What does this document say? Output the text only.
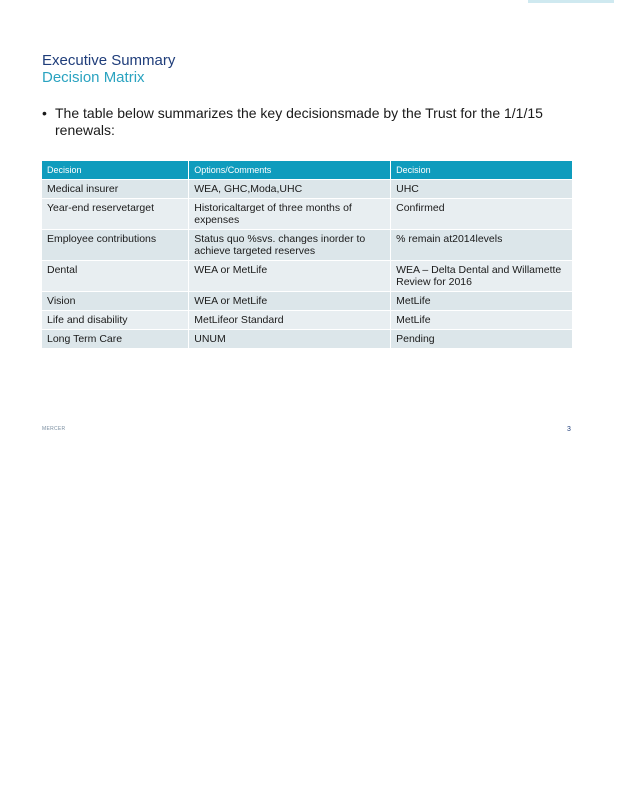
Executive Summary
Decision Matrix
• The table below summarizes the key decisionsmade by the Trust for the 1/1/15 renewals:
Decision	Options/Comments	Decision
Medical insurer	WEA, GHC,Moda,UHC	UHC
Year-end reservetarget	Historicaltarget of three months of expenses	Confirmed
Employee contributions	Status quo %svs. changes inorder to achieve targeted reserves	% remain at2014levels
Dental	WEA or MetLife	WEA – Delta Dental and Willamette Review for 2016
Vision	WEA or MetLife	MetLife
Life and disability	MetLifeor Standard	MetLife
Long Term Care	UNUM	Pending
MERCER	3
